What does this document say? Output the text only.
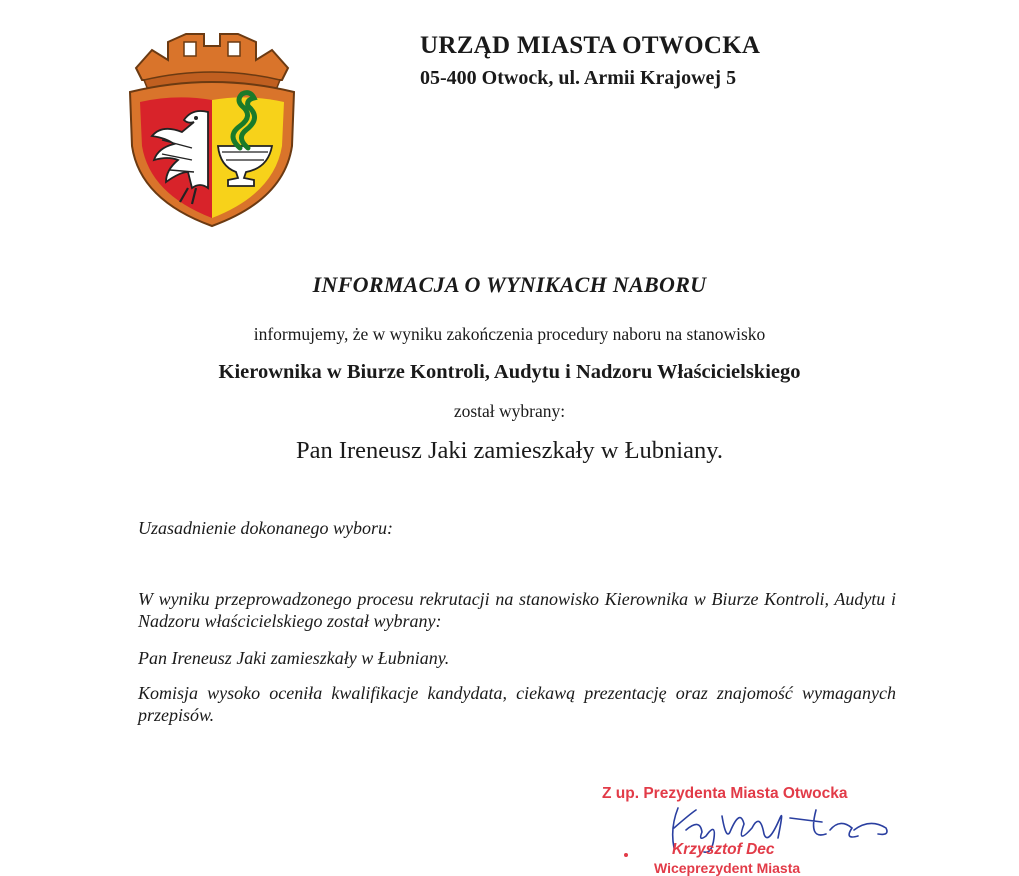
URZĄD MIASTA OTWOCKA
05-400 Otwock, ul. Armii Krajowej 5
INFORMACJA O WYNIKACH NABORU
informujemy, że w wyniku zakończenia procedury naboru na stanowisko
Kierownika w Biurze Kontroli, Audytu i Nadzoru Właścicielskiego
został wybrany:
Pan Ireneusz Jaki zamieszkały w Łubniany.
Uzasadnienie dokonanego wyboru:
W wyniku przeprowadzonego procesu rekrutacji na stanowisko Kierownika w Biurze Kontroli, Audytu i Nadzoru właścicielskiego został wybrany:
Pan Ireneusz Jaki zamieszkały w Łubniany.
Komisja wysoko oceniła kwalifikacje kandydata, ciekawą prezentację oraz znajomość wymaganych przepisów.
Z up. Prezydenta Miasta Otwocka
Krzysztof Dec
Wiceprezydent Miasta
